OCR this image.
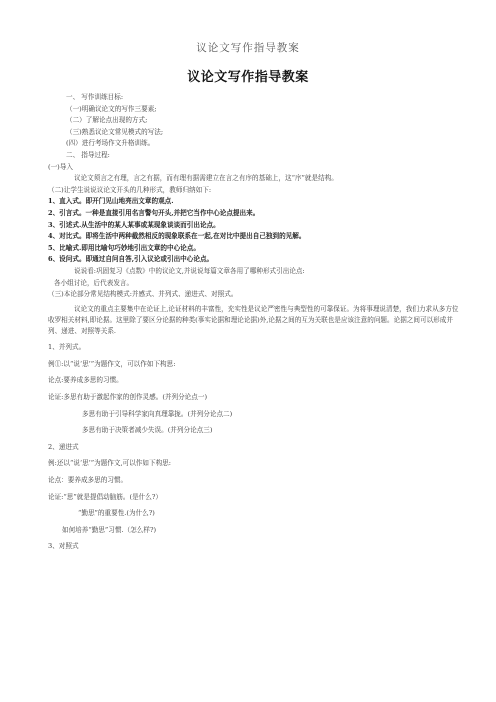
议论文写作指导教案
议论文写作指导教案
一、 写作训练目标:
（一)明确议论文的写作三要素;
（二）了解论点出现的方式;
（三)熟悉议论文常见模式的写法;
(四）进行考场作文升格训练。
二、 指导过程:
(一)导入
议论文须言之有理，言之有据，而有理有据需建立在言之有序的基础上，这“序”就是结构。
（二)让学生说说议论文开头的几种形式，教师归纳如下:
1、直入式。即开门见山地亮出文章的观点.
2、引言式。一种是直接引用名言警句开头,并把它当作中心论点提出来。
3、引述式.从生活中的某人某事或某现象谈谈而引出论点。
4、对比式。即将生活中两种截然相反的现象联系在一起,在对比中提出自己独到的见解。
5、比喻式.即用比喻句巧妙地引出文章的中心论点。
6、设问式。即通过自问自答,引入议论或引出中心论点。
说说看:巩固复习《点数》中的议论文,并说说每篇文章各用了哪种形式引出论点:
各小组讨论，后代表发言。
（三)本论部分常见结构模式:并感式、并列式、递进式、对照式。
议论文的重点主要集中在论证上,论证材料的丰富性，充实性是议论严密性与典型性的可靠保证。为将事理说清楚，我们力求从多方位收罗相关材料,即论据。这里除了要区分论据的种类(事实论据和理论论据)外,论据之间的互为关联也是应该注意的问题。论据之间可以形成并列、递进、对照等关系.
1、并列式。
例①:以“说‘思’”为题作文，可以作如下构思:
论点:要养成多思的习惯。
论证:多思有助于激起作家的创作灵感。(并列分论点一)
多思有助于引导科学家向真理靠拢。(并列分论点二)
多思有助于决策者减少失误。(并列分论点三)
2、递进式
例:还以“说‘思’”为题作文,可以作如下构思:
论点：要养成多思的习惯。
论证:“思”就是提倡动脑筋。(是什么?）
“勤思”的重要性.(为什么?)
如何培养“勤思”习惯.（怎么样?)
3、对照式
